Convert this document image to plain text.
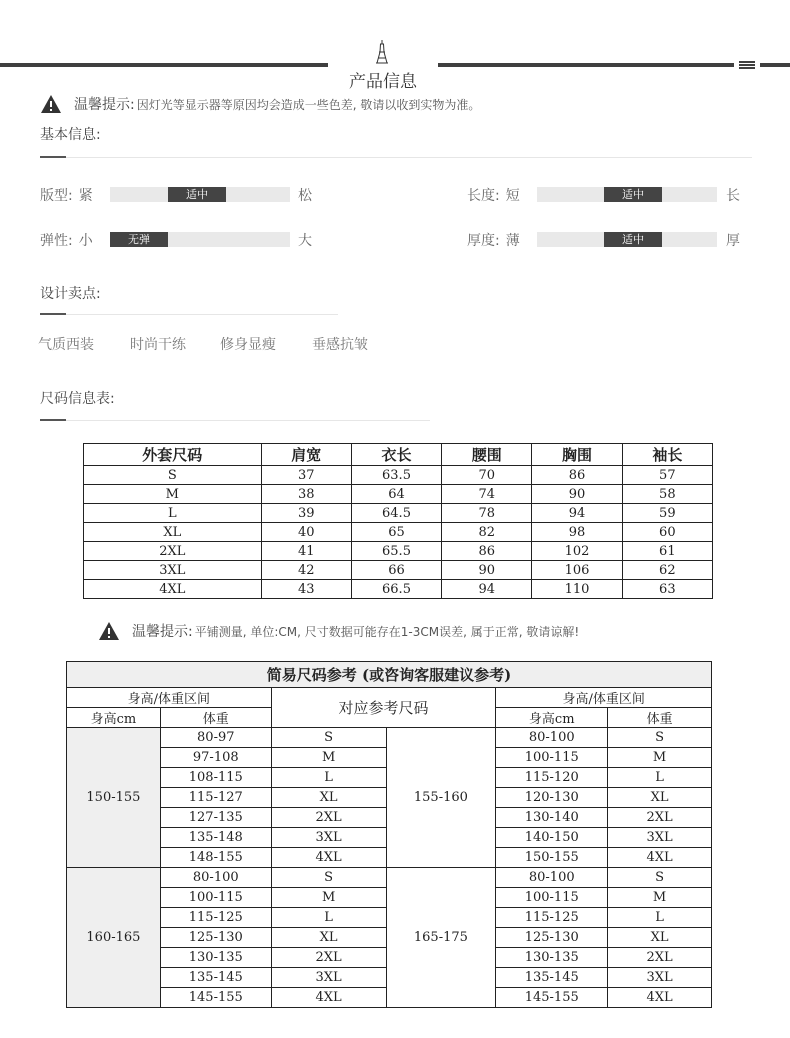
产品信息
温馨提示: 因灯光等显示器等原因均会造成一些色差, 敬请以收到实物为准。
基本信息:
版型: 紧	适中	松	长度: 短	适中	长
弹性: 小	无弹	大	厚度: 薄	适中	厚
设计卖点:
气质西装	时尚干练 修身显瘦	垂感抗皱
尺码信息表:
外套尺码	肩宽	衣长	腰围	胸围	袖长
S	37	63.5	70	86	57
M	38	64	74	90	58
L	39	64.5	78	94	59
XL	40	65	82	98	60
2XL	41	65.5	86	102	61
3XL	42	66	90	106	62
4XL	43	66.5	94	110	63
温馨提示: 平铺测量, 单位:CM, 尺寸数据可能存在1-3CM误差, 属于正常, 敬请谅解!
简易尺码参考 (或咨询客服建议参考)					
身高/体重区间		对应参考尺码		身高/体重区间	
身高cm	体重			身高cm	体重
150-155	80-97	S	155-160	80-100	S
	97-108	M		100-115	M
	108-115	L		115-120	L
	115-127	XL		120-130	XL
	127-135	2XL		130-140	2XL
	135-148	3XL		140-150	3XL
	148-155	4XL		150-155	4XL
160-165	80-100	S	165-175	80-100	S
	100-115	M		100-115	M
	115-125	L		115-125	L
	125-130	XL		125-130	XL
	130-135	2XL		130-135	2XL
	135-145	3XL		135-145	3XL
	145-155	4XL		145-155	4XL
